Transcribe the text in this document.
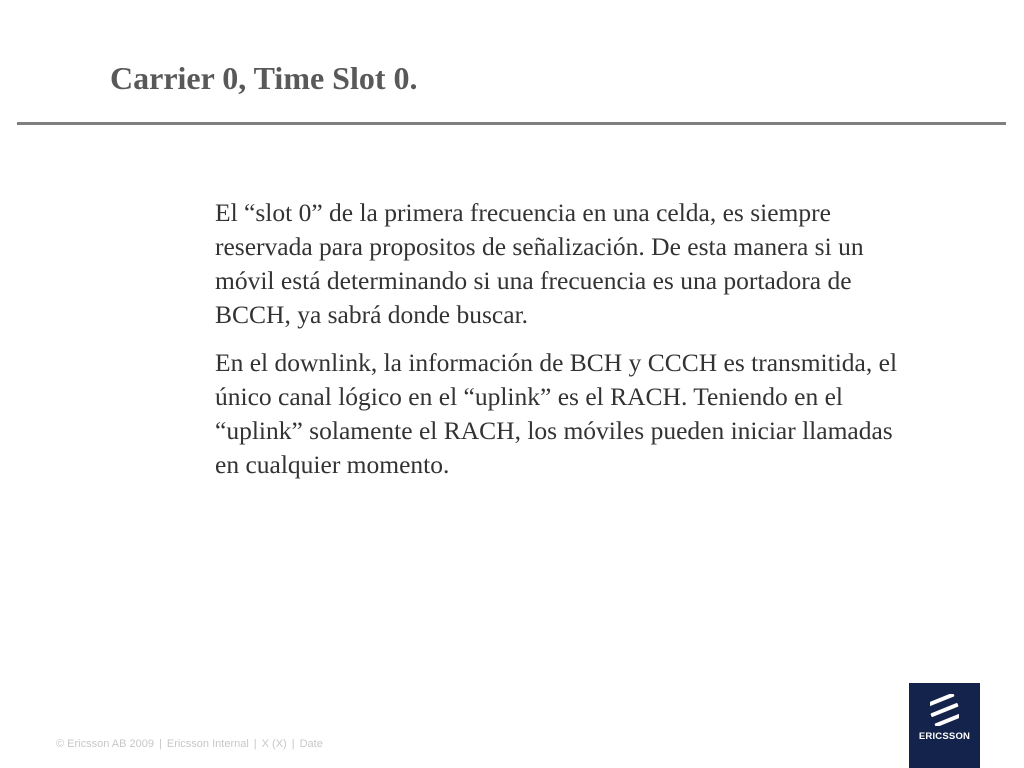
Carrier 0, Time Slot 0.

El “slot 0” de la primera frecuencia en una celda, es siempre reservada para propositos de señalización. De esta manera si un móvil está determinando si una frecuencia es una portadora de BCCH, ya sabrá donde buscar.

En el downlink, la información de BCH y CCCH es transmitida, el único canal lógico en el “uplink” es el RACH. Teniendo en el “uplink” solamente el RACH, los móviles pueden iniciar llamadas en cualquier momento.

© Ericsson AB 2009 | Ericsson Internal | X (X) | Date
ERICSSON
